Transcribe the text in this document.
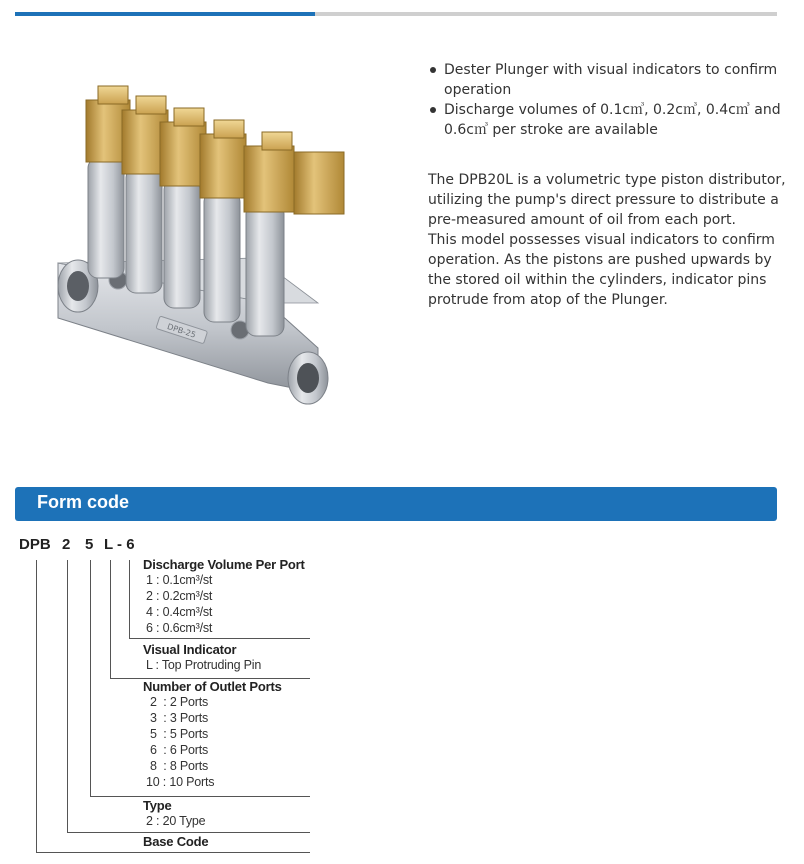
DPB-25
Dester Plunger with visual indicators to confirm operation
Discharge volumes of 0.1c㎥, 0.2c㎥, 0.4c㎥ and 0.6c㎥ per stroke are available

The DPB20L is a volumetric type piston distributor, utilizing the pump's direct pressure to distribute a pre-measured amount of oil from each port.

This model possesses visual indicators to confirm operation. As the pistons are pushed upwards by the stored oil within the cylinders, indicator pins protrude from atop of the Plunger.

Form code
DPB 2 5 L - 6
Discharge Volume Per Port
1 : 0.1cm³/st
2 : 0.2cm³/st
4 : 0.4cm³/st
6 : 0.6cm³/st
Visual Indicator
L : Top Protruding Pin
Number of Outlet Ports
2  : 2 Ports
3  : 3 Ports
5  : 5 Ports
6  : 6 Ports
8  : 8 Ports
10 : 10 Ports
Type
2 : 20 Type
Base Code
